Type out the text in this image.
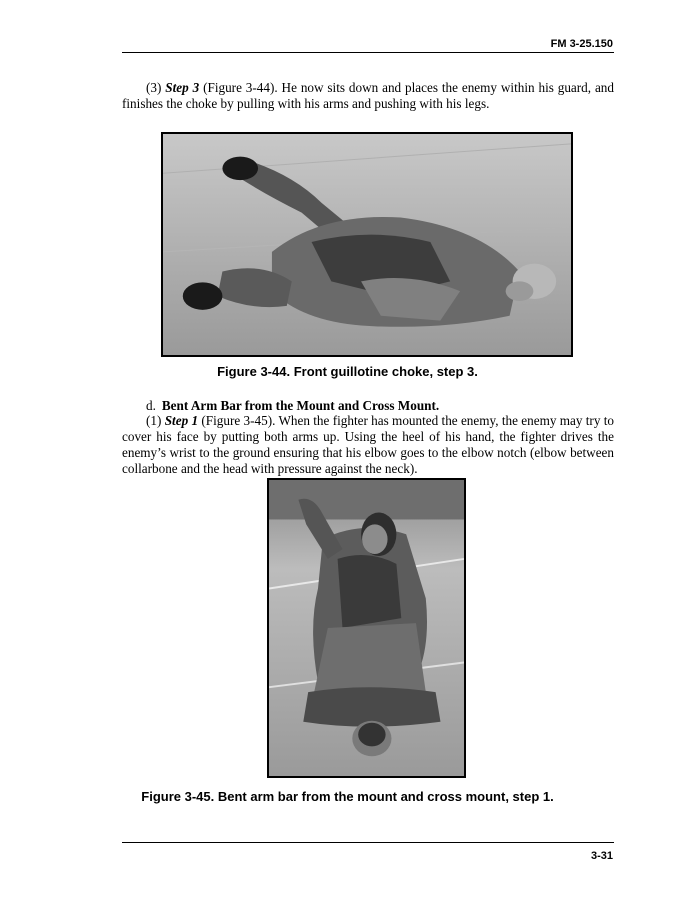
FM 3-25.150

(3) Step 3 (Figure 3-44). He now sits down and places the enemy within his guard, and finishes the choke by pulling with his arms and pushing with his legs.

Figure 3-44. Front guillotine choke, step 3.
d. Bent Arm Bar from the Mount and Cross Mount.

(1) Step 1 (Figure 3-45). When the fighter has mounted the enemy, the enemy may try to cover his face by putting both arms up. Using the heel of his hand, the fighter drives the enemy’s wrist to the ground ensuring that his elbow goes to the elbow notch (elbow between collarbone and the head with pressure against the neck).

Figure 3-45. Bent arm bar from the mount and cross mount, step 1.
3-31
